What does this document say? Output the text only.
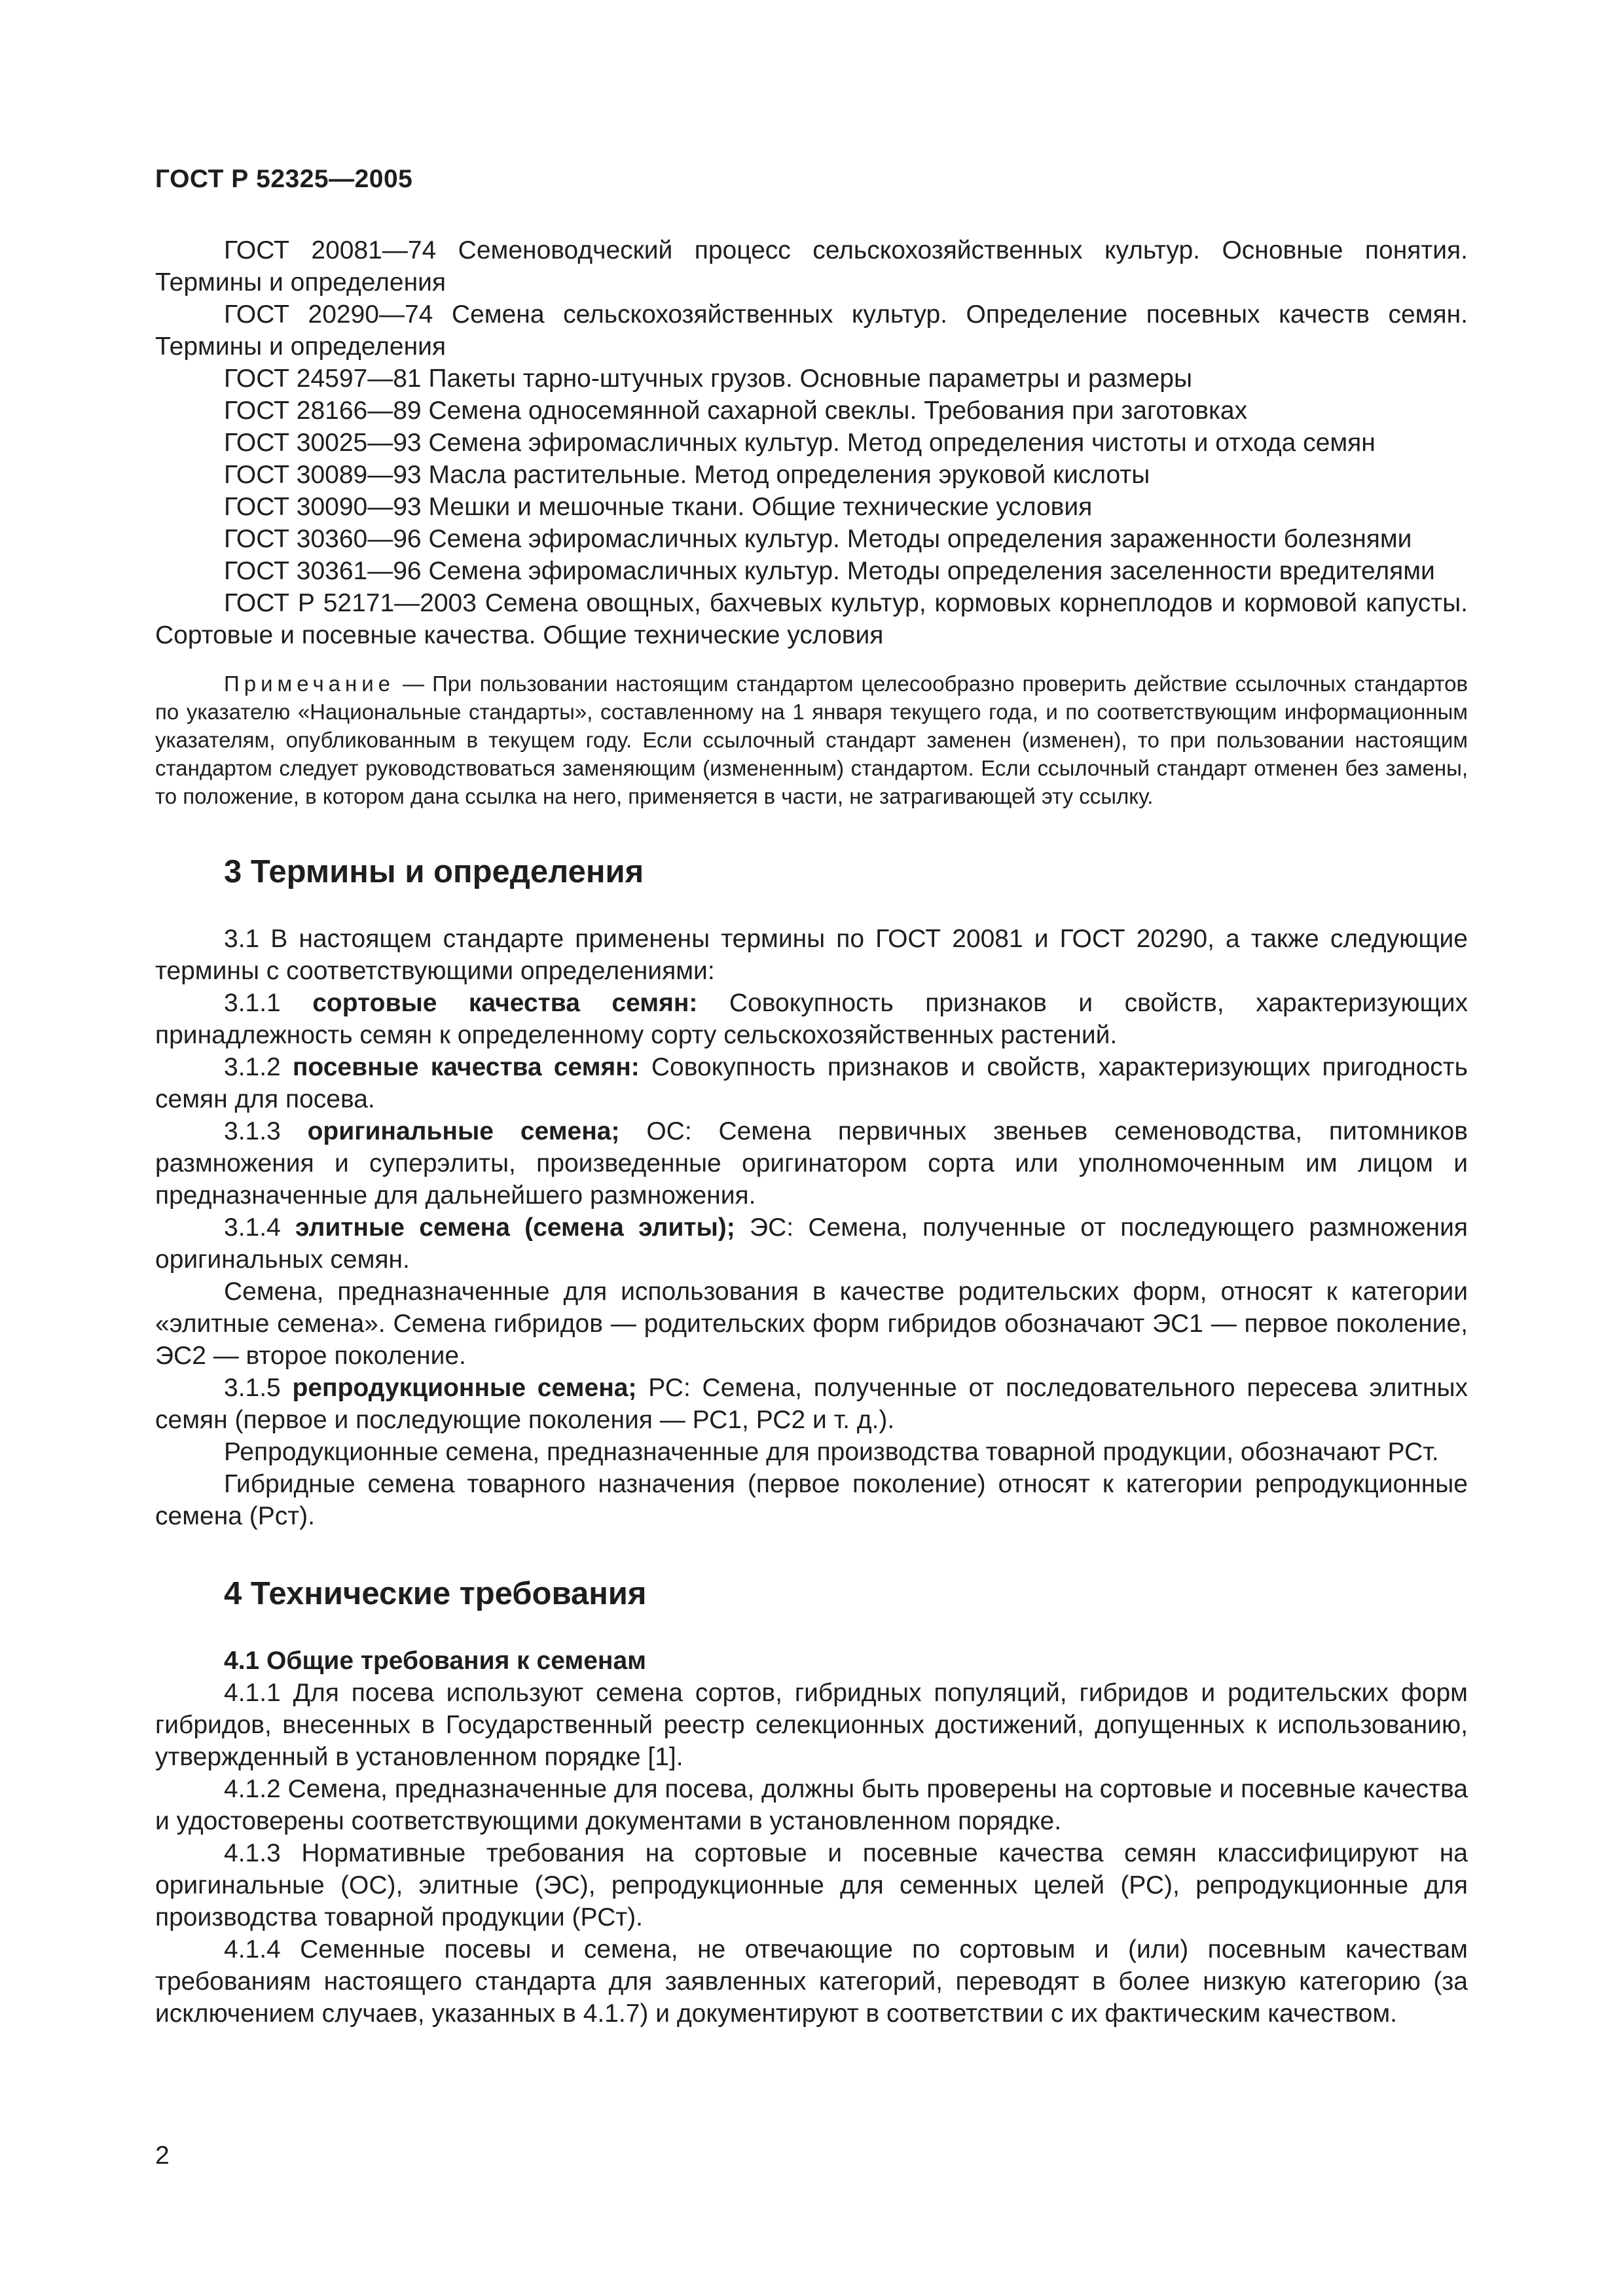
ГОСТ Р 52325—2005

ГОСТ 20081—74 Семеноводческий процесс сельскохозяйственных культур. Основные понятия. Термины и определения

ГОСТ 20290—74 Семена сельскохозяйственных культур. Определение посевных качеств семян. Термины и определения

ГОСТ 24597—81 Пакеты тарно-штучных грузов. Основные параметры и размеры

ГОСТ 28166—89 Семена односемянной сахарной свеклы. Требования при заготовках

ГОСТ 30025—93 Семена эфиромасличных культур. Метод определения чистоты и отхода семян

ГОСТ 30089—93 Масла растительные. Метод определения эруковой кислоты

ГОСТ 30090—93 Мешки и мешочные ткани. Общие технические условия

ГОСТ 30360—96 Семена эфиромасличных культур. Методы определения зараженности болезнями

ГОСТ 30361—96 Семена эфиромасличных культур. Методы определения заселенности вредителями

ГОСТ Р 52171—2003 Семена овощных, бахчевых культур, кормовых корнеплодов и кормовой капусты. Сортовые и посевные качества. Общие технические условия

Примечание — При пользовании настоящим стандартом целесообразно проверить действие ссылочных стандартов по указателю «Национальные стандарты», составленному на 1 января текущего года, и по соответствующим информационным указателям, опубликованным в текущем году. Если ссылочный стандарт заменен (изменен), то при пользовании настоящим стандартом следует руководствоваться заменяющим (измененным) стандартом. Если ссылочный стандарт отменен без замены, то положение, в котором дана ссылка на него, применяется в части, не затрагивающей эту ссылку.

3 Термины и определения

3.1 В настоящем стандарте применены термины по ГОСТ 20081 и ГОСТ 20290, а также следующие термины с соответствующими определениями:

3.1.1 сортовые качества семян: Совокупность признаков и свойств, характеризующих принадлежность семян к определенному сорту сельскохозяйственных растений.

3.1.2 посевные качества семян: Совокупность признаков и свойств, характеризующих пригодность семян для посева.

3.1.3 оригинальные семена; ОС: Семена первичных звеньев семеноводства, питомников размножения и суперэлиты, произведенные оригинатором сорта или уполномоченным им лицом и предназначенные для дальнейшего размножения.

3.1.4 элитные семена (семена элиты); ЭС: Семена, полученные от последующего размножения оригинальных семян.

Семена, предназначенные для использования в качестве родительских форм, относят к категории «элитные семена». Семена гибридов — родительских форм гибридов обозначают ЭС1 — первое поколение, ЭС2 — второе поколение.

3.1.5 репродукционные семена; РС: Семена, полученные от последовательного пересева элитных семян (первое и последующие поколения — РС1, РС2 и т. д.).

Репродукционные семена, предназначенные для производства товарной продукции, обозначают РСт.

Гибридные семена товарного назначения (первое поколение) относят к категории репродукционные семена (Рст).

4 Технические требования
4.1 Общие требования к семенам

4.1.1 Для посева используют семена сортов, гибридных популяций, гибридов и родительских форм гибридов, внесенных в Государственный реестр селекционных достижений, допущенных к использованию, утвержденный в установленном порядке [1].

4.1.2 Семена, предназначенные для посева, должны быть проверены на сортовые и посевные качества и удостоверены соответствующими документами в установленном порядке.

4.1.3 Нормативные требования на сортовые и посевные качества семян классифицируют на оригинальные (ОС), элитные (ЭС), репродукционные для семенных целей (РС), репродукционные для производства товарной продукции (РСт).

4.1.4 Семенные посевы и семена, не отвечающие по сортовым и (или) посевным качествам требованиям настоящего стандарта для заявленных категорий, переводят в более низкую категорию (за исключением случаев, указанных в 4.1.7) и документируют в соответствии с их фактическим качеством.

2
